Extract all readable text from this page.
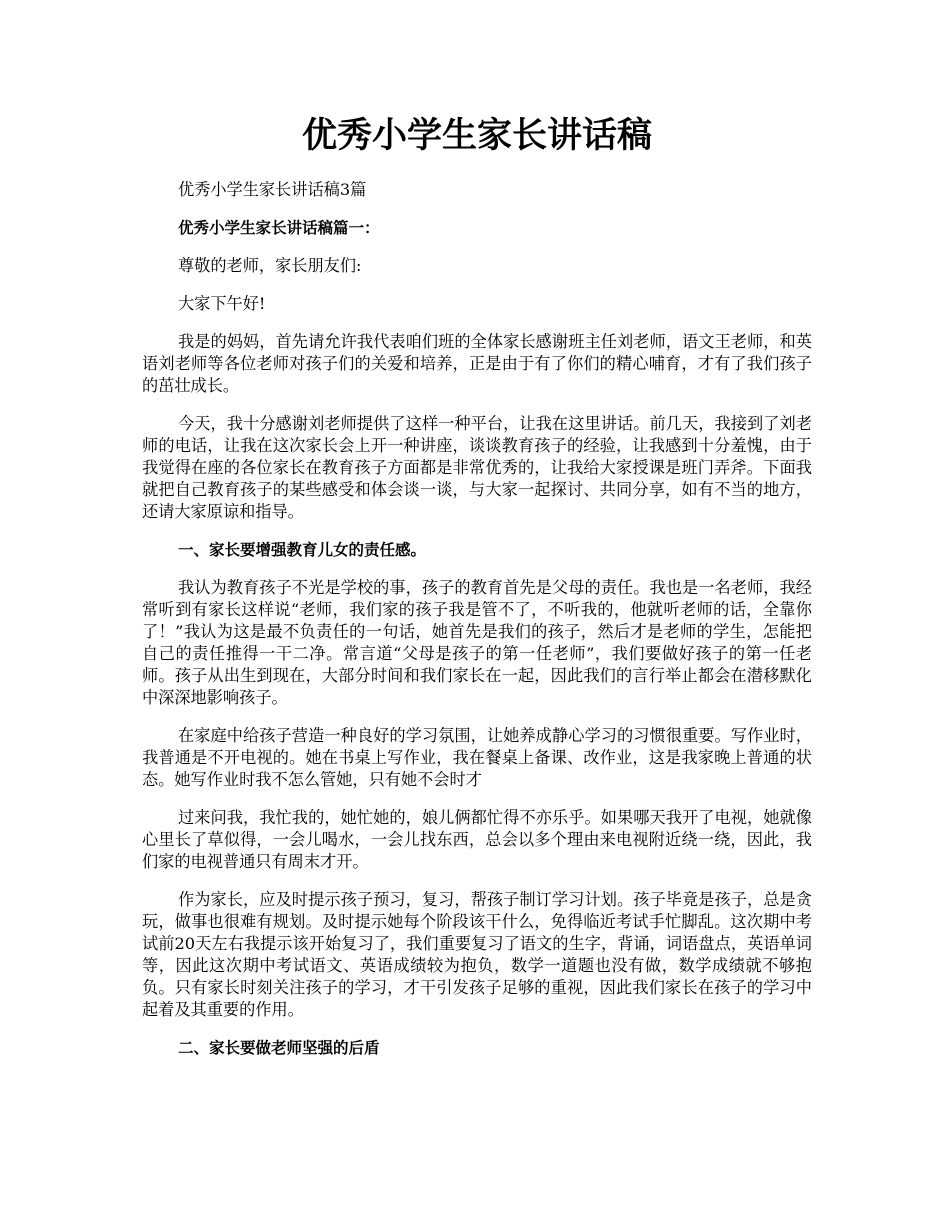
优秀小学生家长讲话稿

优秀小学生家长讲话稿3篇

优秀小学生家长讲话稿篇一：

尊敬的老师，家长朋友们:

大家下午好!

我是的妈妈，首先请允许我代表咱们班的全体家长感谢班主任刘老师，语文王老师，和英语刘老师等各位老师对孩子们的关爱和培养，正是由于有了你们的精心哺育，才有了我们孩子的茁壮成长。

今天，我十分感谢刘老师提供了这样一种平台，让我在这里讲话。前几天，我接到了刘老师的电话，让我在这次家长会上开一种讲座，谈谈教育孩子的经验，让我感到十分羞愧，由于我觉得在座的各位家长在教育孩子方面都是非常优秀的，让我给大家授课是班门弄斧。下面我就把自己教育孩子的某些感受和体会谈一谈，与大家一起探讨、共同分享，如有不当的地方，还请大家原谅和指导。

一、家长要增强教育儿女的责任感。

我认为教育孩子不光是学校的事，孩子的教育首先是父母的责任。我也是一名老师，我经常听到有家长这样说“老师，我们家的孩子我是管不了，不听我的，他就听老师的话，全靠你了！”我认为这是最不负责任的一句话，她首先是我们的孩子，然后才是老师的学生，怎能把自己的责任推得一干二净。常言道“父母是孩子的第一任老师”，我们要做好孩子的第一任老师。孩子从出生到现在，大部分时间和我们家长在一起，因此我们的言行举止都会在潜移默化中深深地影响孩子。

在家庭中给孩子营造一种良好的学习氛围，让她养成静心学习的习惯很重要。写作业时，我普通是不开电视的。她在书桌上写作业，我在餐桌上备课、改作业，这是我家晚上普通的状态。她写作业时我不怎么管她，只有她不会时才

过来问我，我忙我的，她忙她的，娘儿俩都忙得不亦乐乎。如果哪天我开了电视，她就像心里长了草似得，一会儿喝水，一会儿找东西，总会以多个理由来电视附近绕一绕，因此，我们家的电视普通只有周末才开。

作为家长，应及时提示孩子预习，复习，帮孩子制订学习计划。孩子毕竟是孩子，总是贪玩，做事也很难有规划。及时提示她每个阶段该干什么，免得临近考试手忙脚乱。这次期中考试前20天左右我提示该开始复习了，我们重要复习了语文的生字，背诵，词语盘点，英语单词等，因此这次期中考试语文、英语成绩较为抱负，数学一道题也没有做，数学成绩就不够抱负。只有家长时刻关注孩子的学习，才干引发孩子足够的重视，因此我们家长在孩子的学习中起着及其重要的作用。

二、家长要做老师坚强的后盾
